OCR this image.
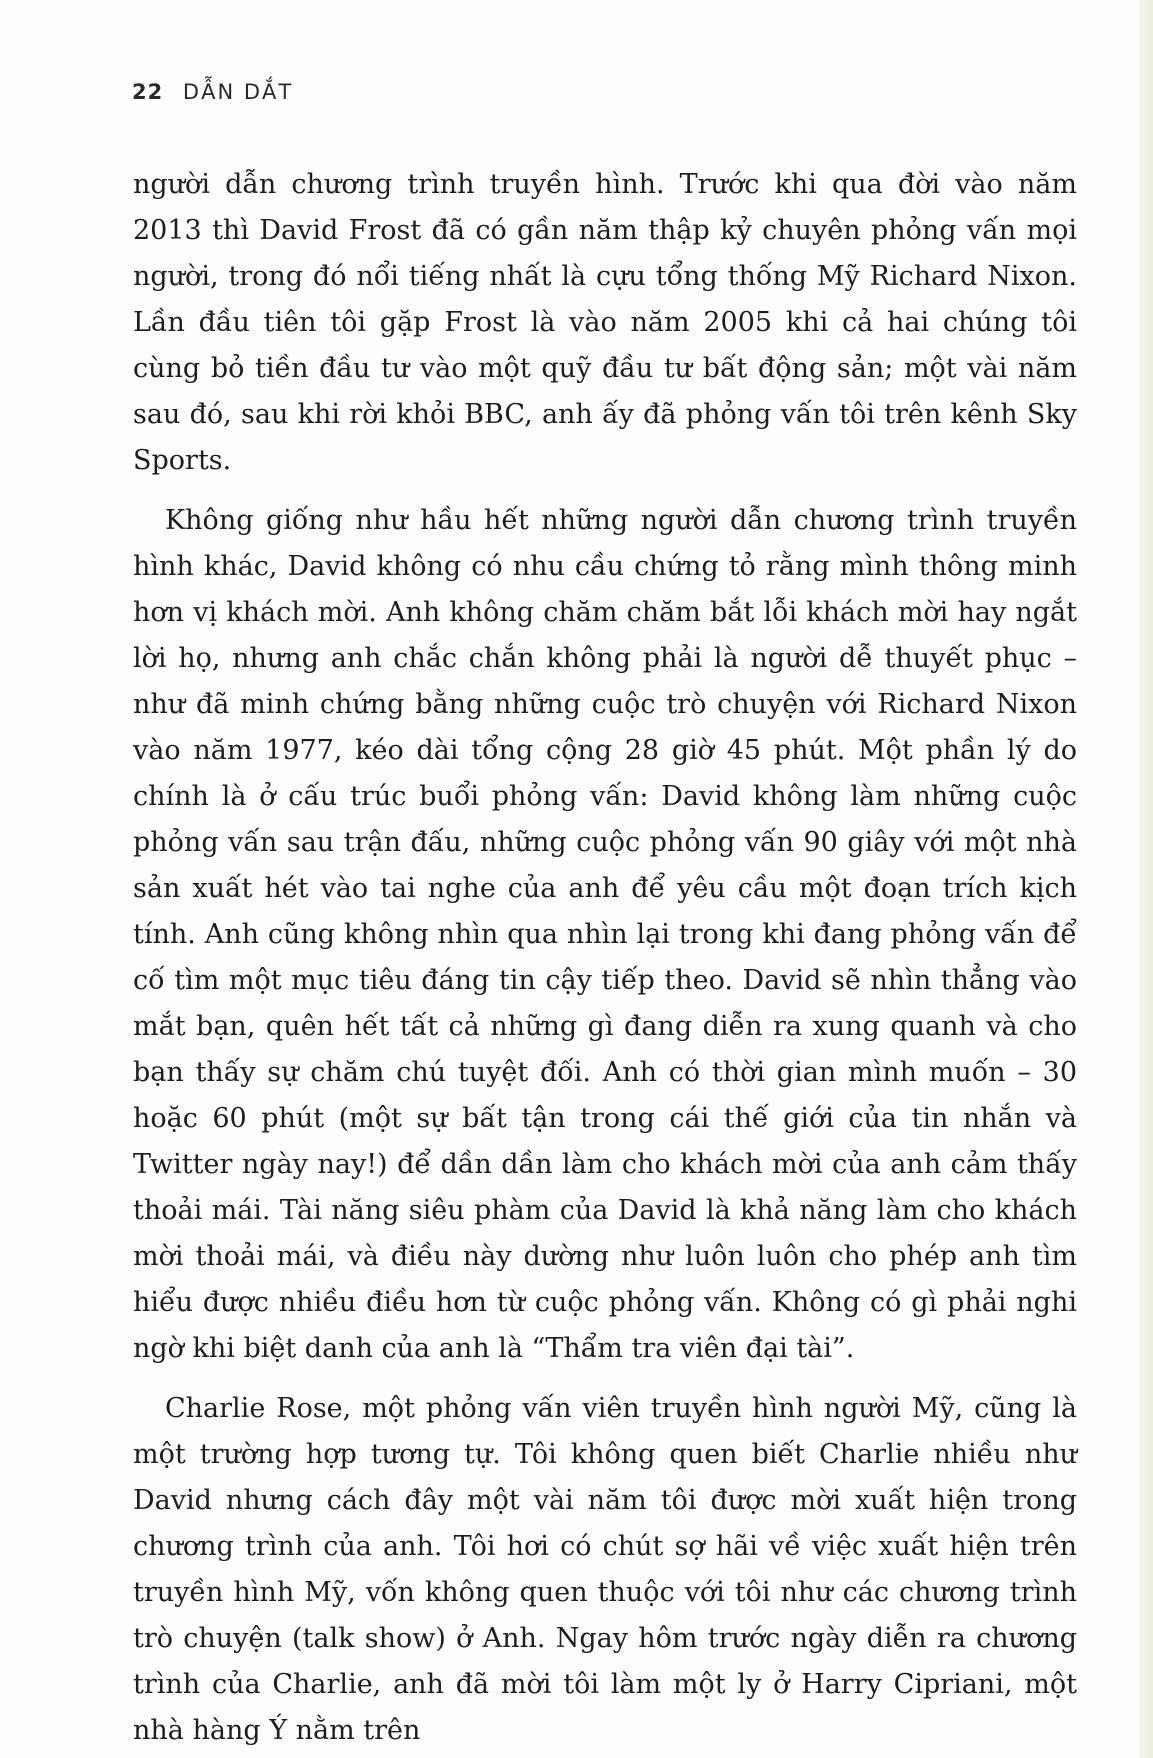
22 DẪN DẮT

người dẫn chương trình truyền hình. Trước khi qua đời vào năm 2013 thì David Frost đã có gần năm thập kỷ chuyên phỏng vấn mọi người, trong đó nổi tiếng nhất là cựu tổng thống Mỹ Richard Nixon. Lần đầu tiên tôi gặp Frost là vào năm 2005 khi cả hai chúng tôi cùng bỏ tiền đầu tư vào một quỹ đầu tư bất động sản; một vài năm sau đó, sau khi rời khỏi BBC, anh ấy đã phỏng vấn tôi trên kênh Sky Sports.

Không giống như hầu hết những người dẫn chương trình truyền hình khác, David không có nhu cầu chứng tỏ rằng mình thông minh hơn vị khách mời. Anh không chăm chăm bắt lỗi khách mời hay ngắt lời họ, nhưng anh chắc chắn không phải là người dễ thuyết phục – như đã minh chứng bằng những cuộc trò chuyện với Richard Nixon vào năm 1977, kéo dài tổng cộng 28 giờ 45 phút. Một phần lý do chính là ở cấu trúc buổi phỏng vấn: David không làm những cuộc phỏng vấn sau trận đấu, những cuộc phỏng vấn 90 giây với một nhà sản xuất hét vào tai nghe của anh để yêu cầu một đoạn trích kịch tính. Anh cũng không nhìn qua nhìn lại trong khi đang phỏng vấn để cố tìm một mục tiêu đáng tin cậy tiếp theo. David sẽ nhìn thẳng vào mắt bạn, quên hết tất cả những gì đang diễn ra xung quanh và cho bạn thấy sự chăm chú tuyệt đối. Anh có thời gian mình muốn – 30 hoặc 60 phút (một sự bất tận trong cái thế giới của tin nhắn và Twitter ngày nay!) để dần dần làm cho khách mời của anh cảm thấy thoải mái. Tài năng siêu phàm của David là khả năng làm cho khách mời thoải mái, và điều này dường như luôn luôn cho phép anh tìm hiểu được nhiều điều hơn từ cuộc phỏng vấn. Không có gì phải nghi ngờ khi biệt danh của anh là “Thẩm tra viên đại tài”.

Charlie Rose, một phỏng vấn viên truyền hình người Mỹ, cũng là một trường hợp tương tự. Tôi không quen biết Charlie nhiều như David nhưng cách đây một vài năm tôi được mời xuất hiện trong chương trình của anh. Tôi hơi có chút sợ hãi về việc xuất hiện trên truyền hình Mỹ, vốn không quen thuộc với tôi như các chương trình trò chuyện (talk show) ở Anh. Ngay hôm trước ngày diễn ra chương trình của Charlie, anh đã mời tôi làm một ly ở Harry Cipriani, một nhà hàng Ý nằm trên
